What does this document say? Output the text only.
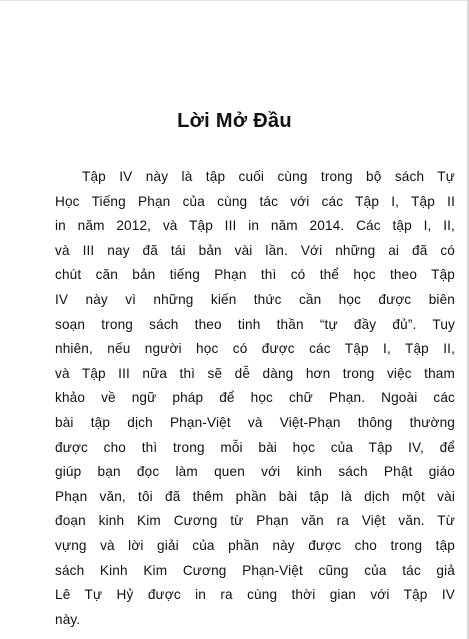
Lời Mở Đầu
Tập IV này là tập cuối cùng trong bộ sách Tự
Học Tiếng Phạn của cùng tác với các Tập I, Tập II
in năm 2012, và Tập III in năm 2014. Các tập I, II,
và III nay đã tái bản vài lần. Với những ai đã có
chút căn bản tiếng Phạn thì có thể học theo Tập
IV này vì những kiến thức cần học được biên
soạn trong sách theo tinh thần “tự đầy đủ”. Tuy
nhiên, nếu người học có được các Tập I, Tập II,
và Tập III nữa thì sẽ dễ dàng hơn trong việc tham
khảo về ngữ pháp để học chữ Phạn. Ngoài các
bài tập dịch Phạn-Việt và Việt-Phạn thông thường
được cho thì trong mỗi bài học của Tập IV, để
giúp bạn đọc làm quen với kinh sách Phật giáo
Phạn văn, tôi đã thêm phần bài tập là dịch một vài
đoạn kinh Kim Cương từ Phạn văn ra Việt văn. Từ
vựng và lời giải của phần này được cho trong tập
sách Kinh Kim Cương Phạn-Việt cũng của tác giả
Lê Tự Hỷ được in ra cùng thời gian với Tập IV
này.
